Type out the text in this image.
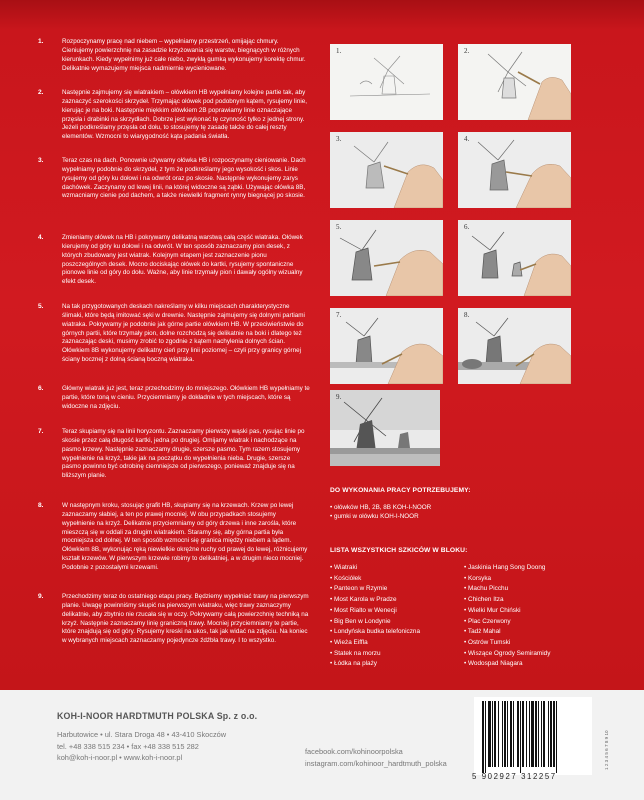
1.	Rozpoczynamy pracę nad niebem – wypełniamy przestrzeń, omijając chmury. Cieniujemy powierzchnię na zasadzie krzyżowania się warstw, biegnących w różnych kierunkach. Kiedy wypełnimy już całe niebo, zwykłą gumką wykonujemy korektę chmur. Delikatnie wymazujemy miejsca nadmiernie wycieniowane.
2.	Następnie zajmujemy się wiatrakiem – ołówkiem HB wypełniamy kolejne partie tak, aby zaznaczyć szerokości skrzydeł. Trzymając ołówek pod podobnym kątem, rysujemy linie, kierując je na boki. Następnie miękkim ołówkiem 2B poprawiamy linie oznaczające przęsła i drabinki na skrzydłach. Dobrze jest wykonać tę czynność tylko z jednej strony. Jeżeli podkreślamy przęsła od dołu, to stosujemy tę zasadę także do całej reszty elementów. Wzmocni to wiarygodność kąta padania światła.
3.	Teraz czas na dach. Ponownie używamy ołówka HB i rozpoczynamy cieniowanie. Dach wypełniamy podobnie do skrzydeł, z tym że podkreślamy jego wysokość i skos. Linie rysujemy od góry ku dołowi i na odwrót oraz po skosie. Następnie wykonujemy zarys dachówek. Zaczynamy od lewej linii, na której widoczne są ząbki. Używając ołówka 8B, wzmacniamy cienie pod dachem, a także niewielki fragment rynny biegnącej po skosie.
4.	Zmieniamy ołówek na HB i pokrywamy delikatną warstwą całą część wiatraka. Ołówek kierujemy od góry ku dołowi i na odwrót. W ten sposób zaznaczamy pion desek, z których zbudowany jest wiatrak. Kolejnym etapem jest zaznaczenie pionu poszczególnych desek. Mocno dociskając ołówek do kartki, rysujemy spontaniczne pionowe linie od góry do dołu. Ważne, aby linie trzymały pion i dawały ogólny wizualny efekt desek.
5.	Na tak przygotowanych deskach nakreślamy w kilku miejscach charakterystyczne ślimaki, które będą imitować sęki w drewnie. Następnie zajmujemy się dolnymi partiami wiatraka. Pokrywamy je podobnie jak górne partie ołówkiem HB. W przeciwieństwie do górnych partii, które trzymały pion, dolne rozchodzą się delikatnie na boki i dlatego też zaznaczając deski, musimy zrobić to zgodnie z kątem nachylenia dolnych ścian. Ołówkiem 8B wykonujemy delikatny cień przy linii poziomej – czyli przy granicy górnej ściany bocznej z dolną ścianą boczną wiatraka.
6.	Główny wiatrak już jest, teraz przechodzimy do mniejszego. Ołówkiem HB wypełniamy te partie, które toną w cieniu. Przyciemniamy je dokładnie w tych miejscach, które są widoczne na zdjęciu.
7.	Teraz skupiamy się na linii horyzontu. Zaznaczamy pierwszy wąski pas, rysując linie po skosie przez całą długość kartki, jedna po drugiej. Omijamy wiatrak i nachodzące na pasmo krzewy. Następnie zaznaczamy drugie, szersze pasmo. Tym razem stosujemy wypełnienie na krzyż, takie jak na początku do wypełnienia nieba. Drugie, szersze pasmo powinno być odrobinę ciemniejsze od pierwszego, ponieważ znajduje się na bliższym planie.
8.	W następnym kroku, stosując grafit HB, skupiamy się na krzewach. Krzew po lewej zaznaczamy słabiej, a ten po prawej mocniej. W obu przypadkach stosujemy wypełnienie na krzyż. Delikatnie przyciemniamy od góry drzewa i inne zarośla, które mieszczą się w oddali za drugim wiatrakiem. Staramy się, aby górna partia była mocniejsza od dolnej. W ten sposób wzmocni się granica między niebem a lądem. Ołówkiem 8B, wykonując ręką niewielkie okrężne ruchy od prawej do lewej, różnicujemy kształt krzewów. W pierwszym krzewie robimy to delikatniej, a w drugim nieco mocniej. Podobnie z pozostałymi krzewami.
9.	Przechodzimy teraz do ostatniego etapu pracy. Będziemy wypełniać trawy na pierwszym planie. Uwagę powinniśmy skupić na pierwszym wiatraku, więc trawy zaznaczymy delikatnie, aby zbytnio nie rzucała się w oczy. Pokrywamy całą powierzchnię techniką na krzyż. Następnie zaznaczamy linię graniczną trawy. Mocniej przyciemniamy te partie, które znajdują się od góry. Rysujemy kreski na ukos, tak jak widać na zdjęciu. Na koniec w wybranych miejscach zaznaczamy pojedyncze źdźbła trawy. I to wszystko.
1.	2.
3.	4.
5.	6.
7.	8.
9.
DO WYKONANIA PRACY POTRZEBUJEMY:
• ołówków HB, 2B, 8B KOH-I-NOOR
• gumki w ołówku KOH-I-NOOR
LISTA WSZYSTKICH SZKICÓW W BLOKU:
• Wiatraki
• Kościółek
• Panteon w Rzymie
• Most Karola w Pradze
• Most Rialto w Wenecji
• Big Ben w Londynie
• Londyńska budka telefoniczna
• Wieża Eiffla
• Statek na morzu
• Łódka na plaży
• Jaskinia Hang Song Doong
• Korsyka
• Machu Picchu
• Chichen Itza
• Wielki Mur Chiński
• Plac Czerwony
• Tadż Mahal
• Ostrów Tumski
• Wiszące Ogrody Semiramidy
• Wodospad Niagara
KOH-I-NOOR HARDTMUTH POLSKA Sp. z o.o.
Harbutowice • ul. Stara Droga 48 • 43-410 Skoczów
tel. +48 338 515 234 • fax +48 338 515 282
koh@koh-i-noor.pl • www.koh-i-noor.pl
facebook.com/kohinoorpolska
instagram.com/kohinoor_hardtmuth_polska
5 902927 312257
1 2 3 4 5 6 7 8 9 10
